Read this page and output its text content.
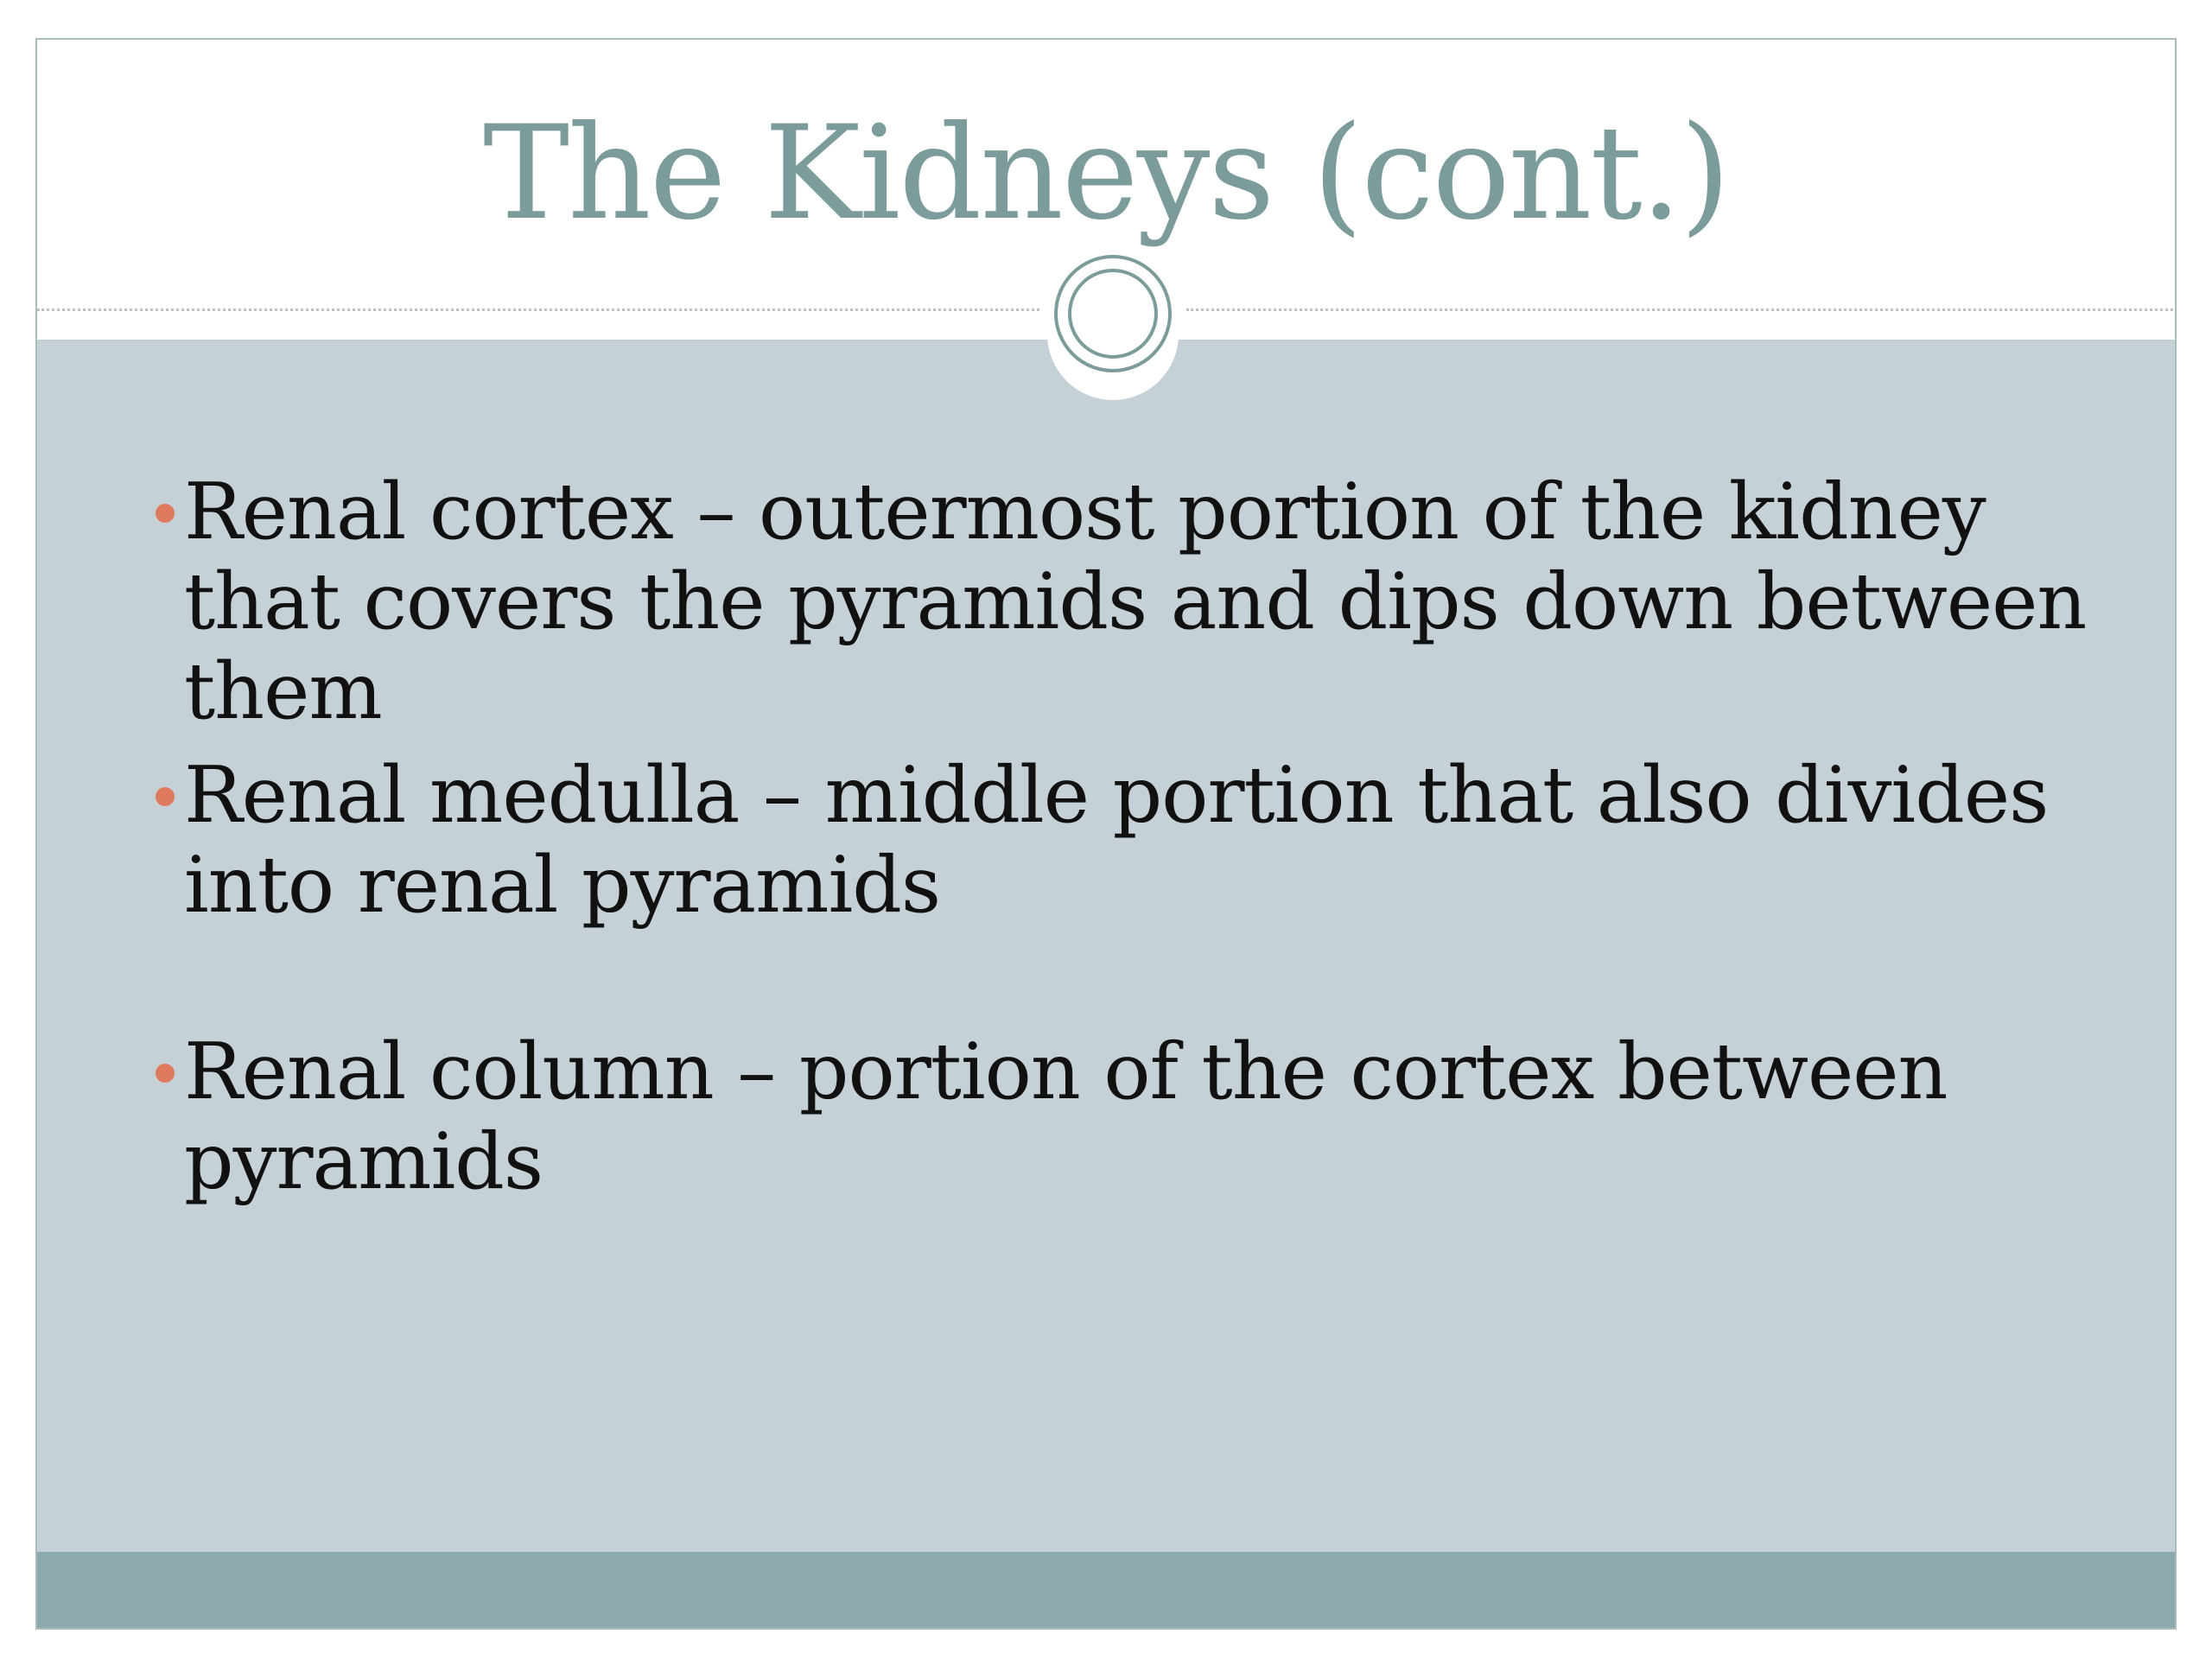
The Kidneys (cont.)
Renal cortex – outermost portion of the kidney that covers the pyramids and dips down between them
Renal medulla – middle portion that also divides into renal pyramids
Renal column – portion of the cortex between pyramids
